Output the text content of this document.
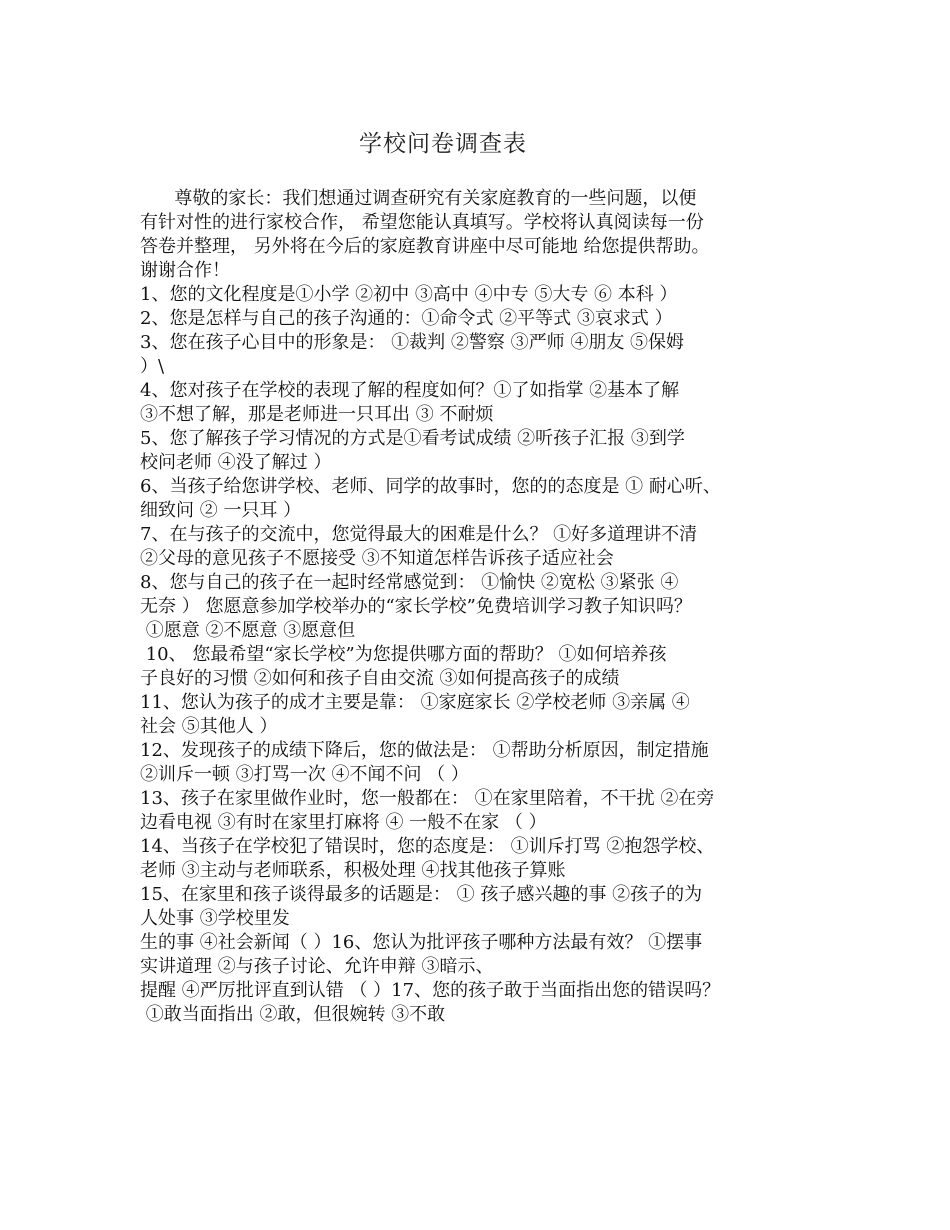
学校问卷调查表
尊敬的家长：我们想通过调查研究有关家庭教育的一些问题，以便
有针对性的进行家校合作， 希望您能认真填写。学校将认真阅读每一份
答卷并整理， 另外将在今后的家庭教育讲座中尽可能地 给您提供帮助。
谢谢合作！
1、您的文化程度是①小学 ②初中 ③高中 ④中专 ⑤大专 ⑥ 本科 ）
2、您是怎样与自己的孩子沟通的：①命令式 ②平等式 ③哀求式 ）
3、您在孩子心目中的形象是： ①裁判 ②警察 ③严师 ④朋友 ⑤保姆
）\
4、您对孩子在学校的表现了解的程度如何？①了如指掌 ②基本了解
③不想了解，那是老师进一只耳出 ③ 不耐烦
5、您了解孩子学习情况的方式是①看考试成绩 ②听孩子汇报 ③到学
校问老师 ④没了解过 ）
6、当孩子给您讲学校、老师、同学的故事时，您的的态度是 ① 耐心听、
细致问 ② 一只耳 ）
7、在与孩子的交流中，您觉得最大的困难是什么？ ①好多道理讲不清
②父母的意见孩子不愿接受 ③不知道怎样告诉孩子适应社会
8、您与自己的孩子在一起时经常感觉到： ①愉快 ②宽松 ③紧张 ④
无奈 ） 您愿意参加学校举办的“家长学校”免费培训学习教子知识吗？
①愿意 ②不愿意 ③愿意但
10、 您最希望“家长学校”为您提供哪方面的帮助？ ①如何培养孩
子良好的习惯 ②如何和孩子自由交流 ③如何提高孩子的成绩
11、您认为孩子的成才主要是靠： ①家庭家长 ②学校老师 ③亲属 ④
社会 ⑤其他人 ）
12、发现孩子的成绩下降后，您的做法是： ①帮助分析原因，制定措施
②训斥一顿 ③打骂一次 ④不闻不问 （ ）
13、孩子在家里做作业时，您一般都在： ①在家里陪着，不干扰 ②在旁
边看电视 ③有时在家里打麻将 ④ 一般不在家 （ ）
14、当孩子在学校犯了错误时，您的态度是： ①训斥打骂 ②抱怨学校、
老师 ③主动与老师联系，积极处理 ④找其他孩子算账
15、在家里和孩子谈得最多的话题是： ① 孩子感兴趣的事 ②孩子的为
人处事 ③学校里发
生的事 ④社会新闻（ ）16、您认为批评孩子哪种方法最有效？ ①摆事
实讲道理 ②与孩子讨论、允许申辩 ③暗示、
提醒 ④严厉批评直到认错 （ ）17、您的孩子敢于当面指出您的错误吗？
①敢当面指出 ②敢，但很婉转 ③不敢
